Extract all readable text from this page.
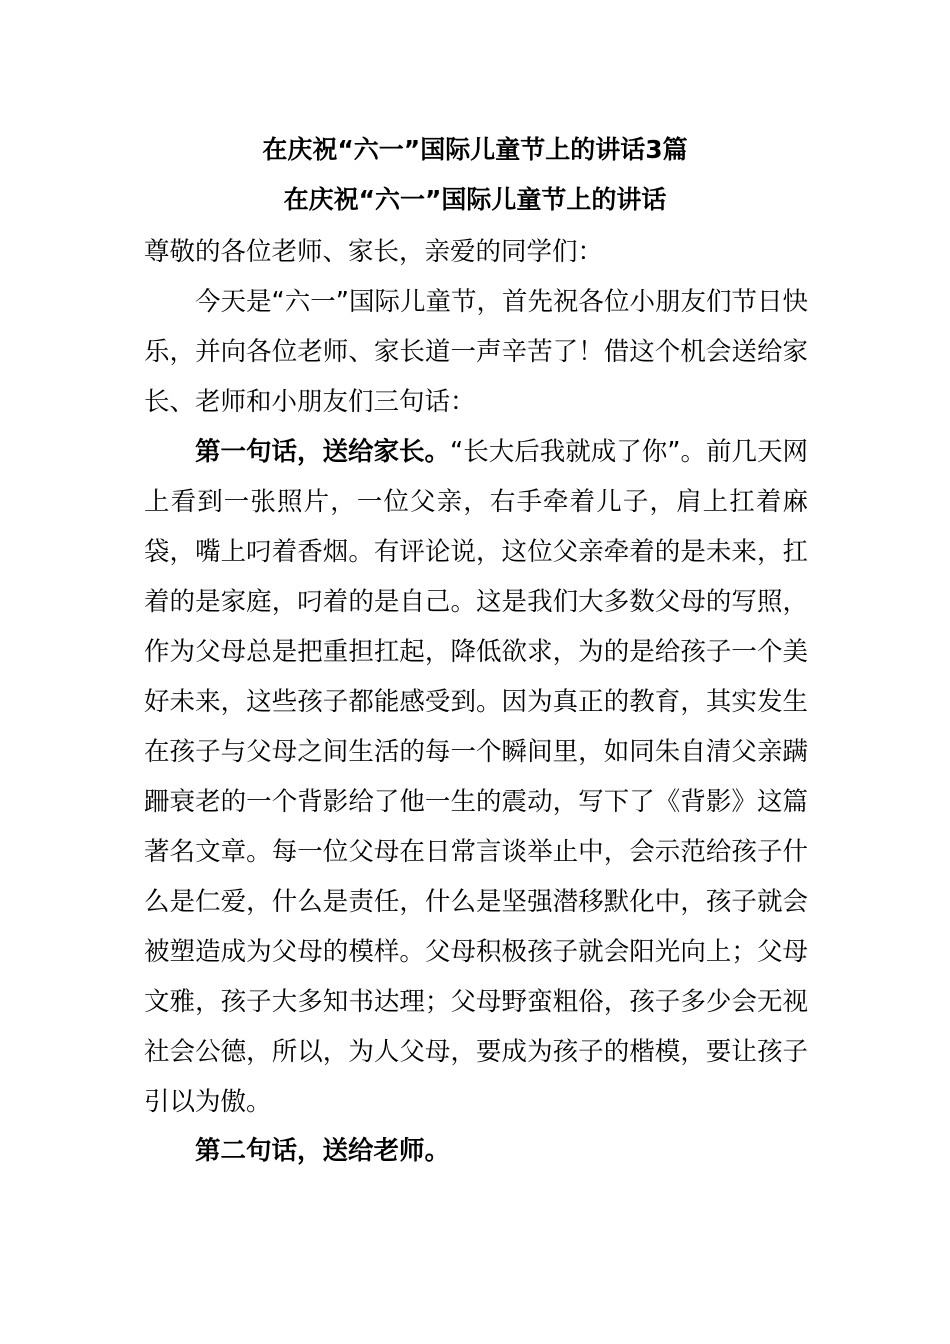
在庆祝“六一”国际儿童节上的讲话3篇
在庆祝“六一”国际儿童节上的讲话
尊敬的各位老师、家长，亲爱的同学们：
今天是“六一”国际儿童节，首先祝各位小朋友们节日快乐，并向各位老师、家长道一声辛苦了！借这个机会送给家长、老师和小朋友们三句话：
第一句话，送给家长。“长大后我就成了你”。前几天网上看到一张照片，一位父亲，右手牵着儿子，肩上扛着麻袋，嘴上叼着香烟。有评论说，这位父亲牵着的是未来，扛着的是家庭，叼着的是自己。这是我们大多数父母的写照，作为父母总是把重担扛起，降低欲求，为的是给孩子一个美好未来，这些孩子都能感受到。因为真正的教育，其实发生在孩子与父母之间生活的每一个瞬间里，如同朱自清父亲蹒跚衰老的一个背影给了他一生的震动，写下了《背影》这篇著名文章。每一位父母在日常言谈举止中，会示范给孩子什么是仁爱，什么是责任，什么是坚强潜移默化中，孩子就会被塑造成为父母的模样。父母积极孩子就会阳光向上；父母文雅，孩子大多知书达理；父母野蛮粗俗，孩子多少会无视社会公德，所以，为人父母，要成为孩子的楷模，要让孩子引以为傲。
第二句话，送给老师。
